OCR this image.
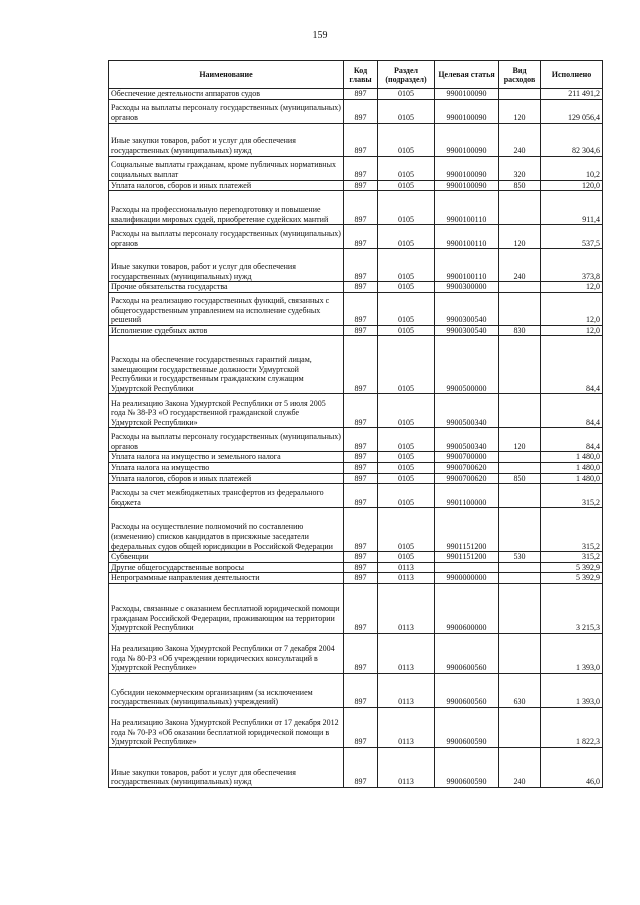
159
Наименование	Код главы	Раздел (подраздел)	Целевая статья	Вид расходов	Исполнено
Обеспечение деятельности аппаратов судов	897	0105	9900100090		211 491,2
Расходы на выплаты персоналу государственных (муниципальных) органов	897	0105	9900100090	120	129 056,4
Иные закупки товаров, работ и услуг для обеспечения государственных (муниципальных) нужд	897	0105	9900100090	240	82 304,6
Социальные выплаты гражданам, кроме публичных нормативных социальных выплат	897	0105	9900100090	320	10,2
Уплата налогов, сборов и иных платежей	897	0105	9900100090	850	120,0
Расходы на профессиональную переподготовку и повышение квалификации мировых судей, приобретение судейских мантий	897	0105	9900100110		911,4
Расходы на выплаты персоналу государственных (муниципальных) органов	897	0105	9900100110	120	537,5
Иные закупки товаров, работ и услуг для обеспечения государственных (муниципальных) нужд	897	0105	9900100110	240	373,8
Прочие обязательства государства	897	0105	9900300000		12,0
Расходы на реализацию государственных функций, связанных с общегосударственным управлением на исполнение судебных решений	897	0105	9900300540		12,0
Исполнение судебных актов	897	0105	9900300540	830	12,0
Расходы на обеспечение государственных гарантий лицам, замещающим государственные должности Удмуртской Республики и государственным гражданским служащим Удмуртской Республики	897	0105	9900500000		84,4
На реализацию Закона Удмуртской Республики от 5 июля 2005 года № 38-РЗ «О государственной гражданской службе Удмуртской Республики»	897	0105	9900500340		84,4
Расходы на выплаты персоналу государственных (муниципальных) органов	897	0105	9900500340	120	84,4
Уплата налога на имущество и земельного налога	897	0105	9900700000		1 480,0
Уплата налога на имущество	897	0105	9900700620		1 480,0
Уплата налогов, сборов и иных платежей	897	0105	9900700620	850	1 480,0
Расходы за счет межбюджетных трансфертов из федерального бюджета	897	0105	9901100000		315,2
Расходы на осуществление полномочий по составлению (изменению) списков кандидатов в присяжные заседатели федеральных судов общей юрисдикции в Российской Федерации	897	0105	9901151200		315,2
Субвенции	897	0105	9901151200	530	315,2
Другие общегосударственные вопросы	897	0113			5 392,9
Непрограммные направления деятельности	897	0113	9900000000		5 392,9
Расходы, связанные с оказанием бесплатной юридической помощи гражданам Российской Федерации, проживающим на территории Удмуртской Республики	897	0113	9900600000		3 215,3
На реализацию Закона Удмуртской Республики от 7 декабря 2004 года № 80-РЗ «Об учреждении юридических консультаций в Удмуртской Республике»	897	0113	9900600560		1 393,0
Субсидии некоммерческим организациям (за исключением государственных (муниципальных) учреждений)	897	0113	9900600560	630	1 393,0
На реализацию Закона Удмуртской Республики от 17 декабря 2012 года № 70-РЗ «Об оказании бесплатной юридической помощи в Удмуртской Республике»	897	0113	9900600590		1 822,3
Иные закупки товаров, работ и услуг для обеспечения государственных (муниципальных) нужд	897	0113	9900600590	240	46,0
